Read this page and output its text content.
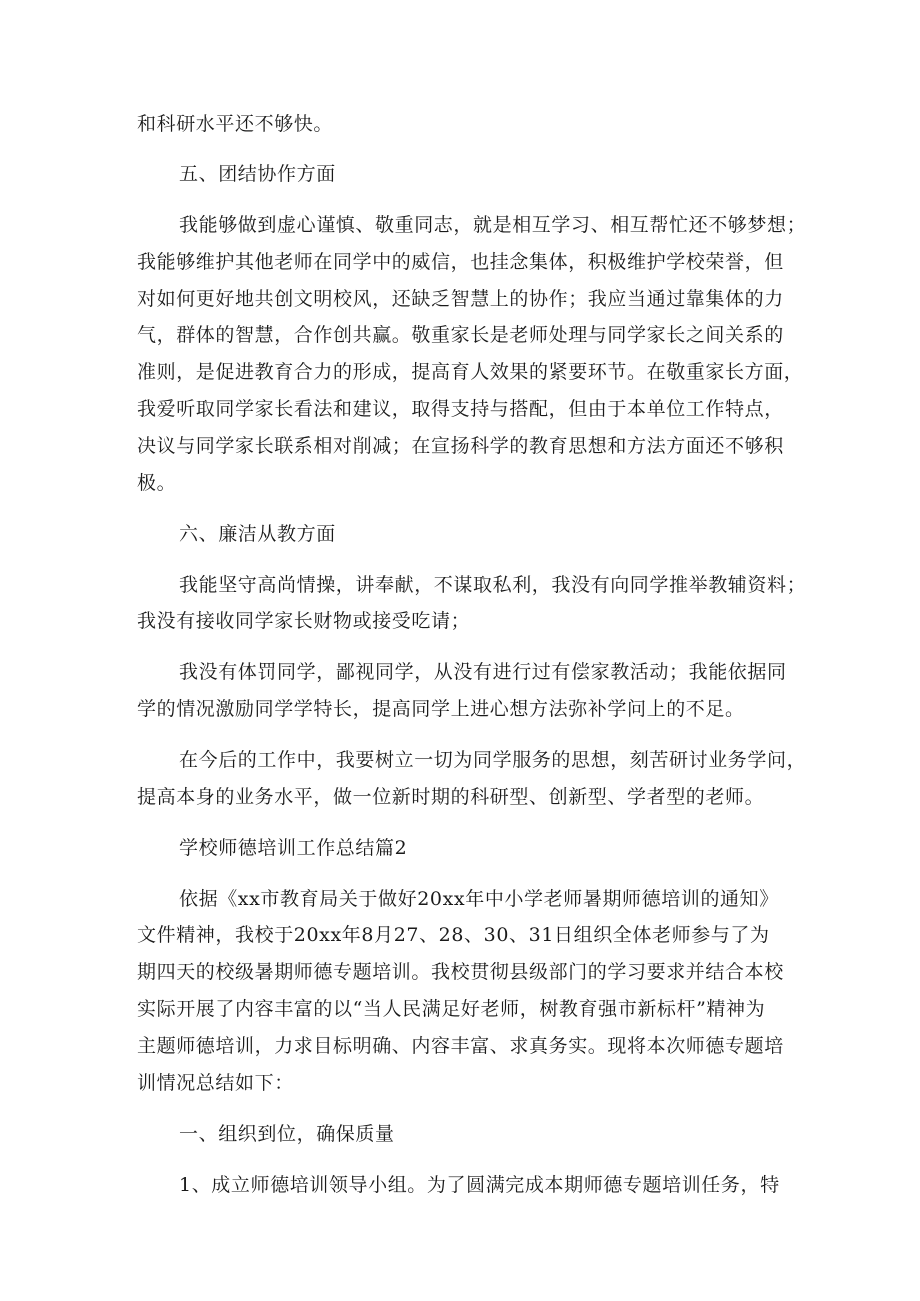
和科研水平还不够快。
五、团结协作方面
我能够做到虚心谨慎、敬重同志，就是相互学习、相互帮忙还不够梦想；
我能够维护其他老师在同学中的威信，也挂念集体，积极维护学校荣誉，但
对如何更好地共创文明校风，还缺乏智慧上的协作；我应当通过靠集体的力
气，群体的智慧，合作创共赢。敬重家长是老师处理与同学家长之间关系的
准则，是促进教育合力的形成，提高育人效果的紧要环节。在敬重家长方面，
我爱听取同学家长看法和建议，取得支持与搭配，但由于本单位工作特点，
决议与同学家长联系相对削减；在宣扬科学的教育思想和方法方面还不够积
极。
六、廉洁从教方面
我能坚守高尚情操，讲奉献，不谋取私利，我没有向同学推举教辅资料；
我没有接收同学家长财物或接受吃请；
我没有体罚同学，鄙视同学，从没有进行过有偿家教活动；我能依据同
学的情况激励同学学特长，提高同学上进心想方法弥补学问上的不足。
在今后的工作中，我要树立一切为同学服务的思想，刻苦研讨业务学问，
提高本身的业务水平，做一位新时期的科研型、创新型、学者型的老师。
学校师德培训工作总结篇2
依据《xx市教育局关于做好20xx年中小学老师暑期师德培训的通知》
文件精神，我校于20xx年8月27、28、30、31日组织全体老师参与了为
期四天的校级暑期师德专题培训。我校贯彻县级部门的学习要求并结合本校
实际开展了内容丰富的以“当人民满足好老师，树教育强市新标杆”精神为
主题师德培训，力求目标明确、内容丰富、求真务实。现将本次师德专题培
训情况总结如下：
一、组织到位，确保质量
1、成立师德培训领导小组。为了圆满完成本期师德专题培训任务，特
